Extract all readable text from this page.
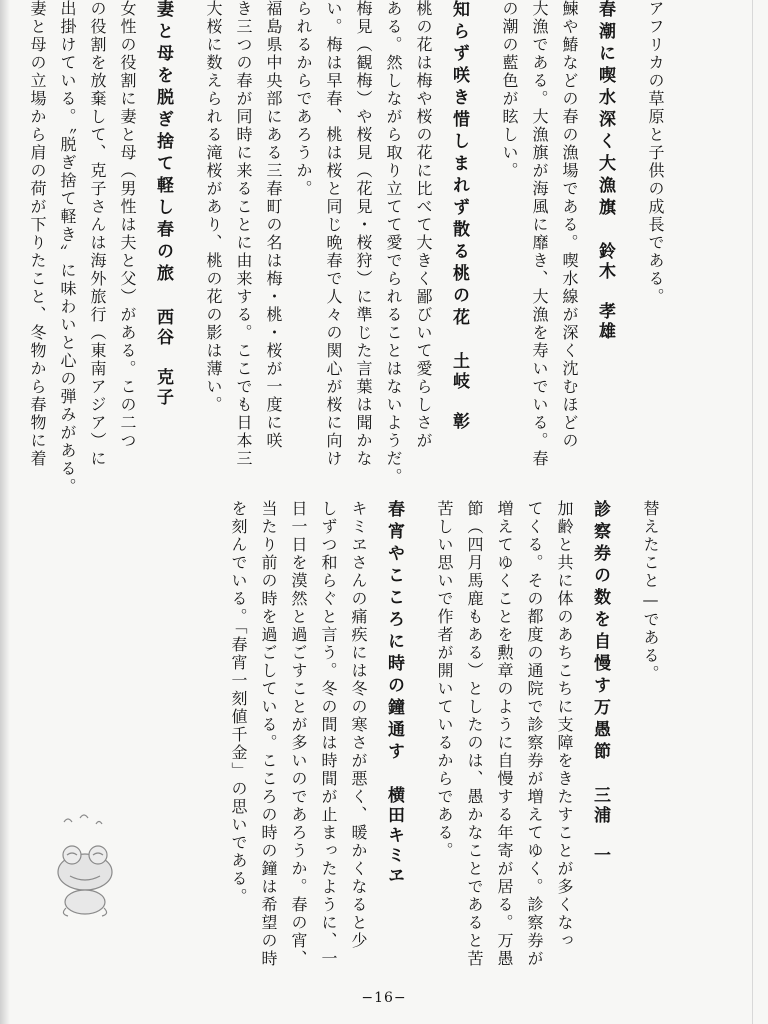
アフリカの草原と子供の成長である。
春潮に喫水深く大漁旗鈴木　孝雄
鰊や鰆などの春の漁場である。喫水線が深く沈むほどの
大漁である。大漁旗が海風に靡き、大漁を寿いでいる。春
の潮の藍色が眩しい。
知らず咲き惜しまれず散る桃の花土岐　彰
桃の花は梅や桜の花に比べて大きく鄙びいて愛らしさが
ある。然しながら取り立てて愛でられることはないようだ。
梅見（観梅）や桜見（花見・桜狩）に準じた言葉は聞かな
い。梅は早春、桃は桜と同じ晩春で人々の関心が桜に向け
られるからであろうか。
福島県中央部にある三春町の名は梅・桃・桜が一度に咲
き三つの春が同時に来ることに由来する。ここでも日本三
大桜に数えられる滝桜があり、桃の花の影は薄い。
妻と母を脱ぎ捨て軽し春の旅西谷　克子
女性の役割に妻と母（男性は夫と父）がある。この二つ
の役割を放棄して、克子さんは海外旅行（東南アジア）に
出掛けている。〝脱ぎ捨て軽き〟に味わいと心の弾みがある。
妻と母の立場から肩の荷が下りたこと、冬物から春物に着
替えたこと—である。
診察券の数を自慢す万愚節三浦　一
加齢と共に体のあちこちに支障をきたすことが多くなっ
てくる。その都度の通院で診察券が増えてゆく。診察券が
増えてゆくことを勲章のように自慢する年寄が居る。万愚
節（四月馬鹿もある）としたのは、愚かなことであると苦
苦しい思いで作者が開いているからである。
春宵やこころに時の鐘通す横田キミヱ
キミヱさんの痛疾には冬の寒さが悪く、暖かくなると少
しずつ和らぐと言う。冬の間は時間が止まったように、一
日一日を漠然と過ごすことが多いのであろうか。春の宵、
当たり前の時を過ごしている。こころの時の鐘は希望の時
を刻んでいる。「春宵一刻値千金」の思いである。
−16−
